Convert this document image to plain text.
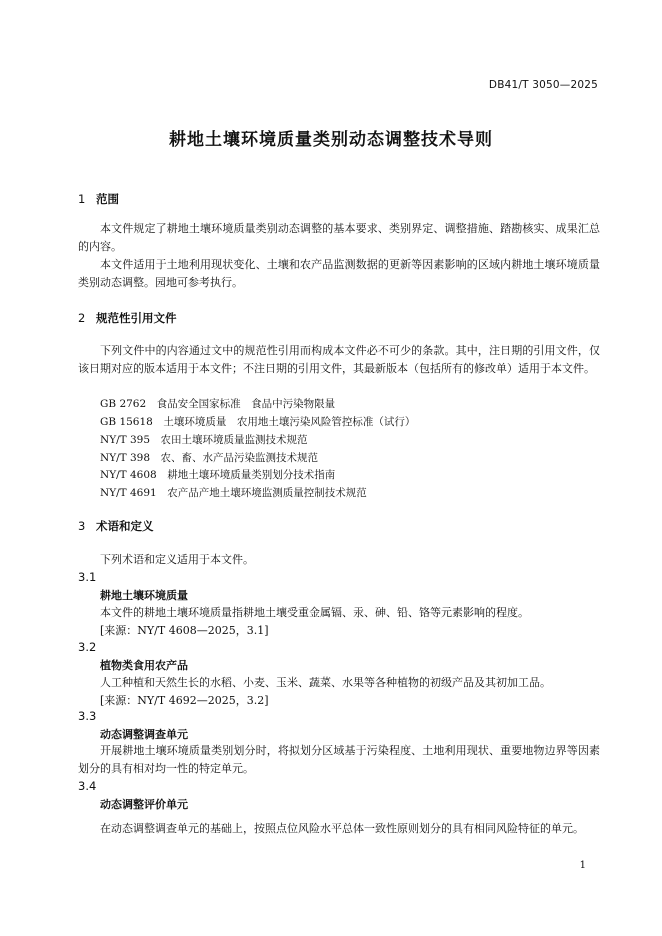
DB41/T 3050—2025
耕地土壤环境质量类别动态调整技术导则
1 范围
本文件规定了耕地土壤环境质量类别动态调整的基本要求、类别界定、调整措施、踏勘核实、成果汇总的内容。
本文件适用于土地利用现状变化、土壤和农产品监测数据的更新等因素影响的区域内耕地土壤环境质量类别动态调整。园地可参考执行。
2 规范性引用文件
下列文件中的内容通过文中的规范性引用而构成本文件必不可少的条款。其中，注日期的引用文件，仅该日期对应的版本适用于本文件；不注日期的引用文件，其最新版本（包括所有的修改单）适用于本文件。
GB 2762　食品安全国家标准　食品中污染物限量
GB 15618　土壤环境质量　农用地土壤污染风险管控标准（试行）
NY/T 395　农田土壤环境质量监测技术规范
NY/T 398　农、畜、水产品污染监测技术规范
NY/T 4608　耕地土壤环境质量类别划分技术指南
NY/T 4691　农产品产地土壤环境监测质量控制技术规范
3 术语和定义
下列术语和定义适用于本文件。
3.1
耕地土壤环境质量
本文件的耕地土壤环境质量指耕地土壤受重金属镉、汞、砷、铅、铬等元素影响的程度。
[来源：NY/T 4608—2025，3.1]
3.2
植物类食用农产品
人工种植和天然生长的水稻、小麦、玉米、蔬菜、水果等各种植物的初级产品及其初加工品。
[来源：NY/T 4692—2025，3.2]
3.3
动态调整调查单元
开展耕地土壤环境质量类别划分时，将拟划分区域基于污染程度、土地利用现状、重要地物边界等因素划分的具有相对均一性的特定单元。
3.4
动态调整评价单元
在动态调整调查单元的基础上，按照点位风险水平总体一致性原则划分的具有相同风险特征的单元。
1
